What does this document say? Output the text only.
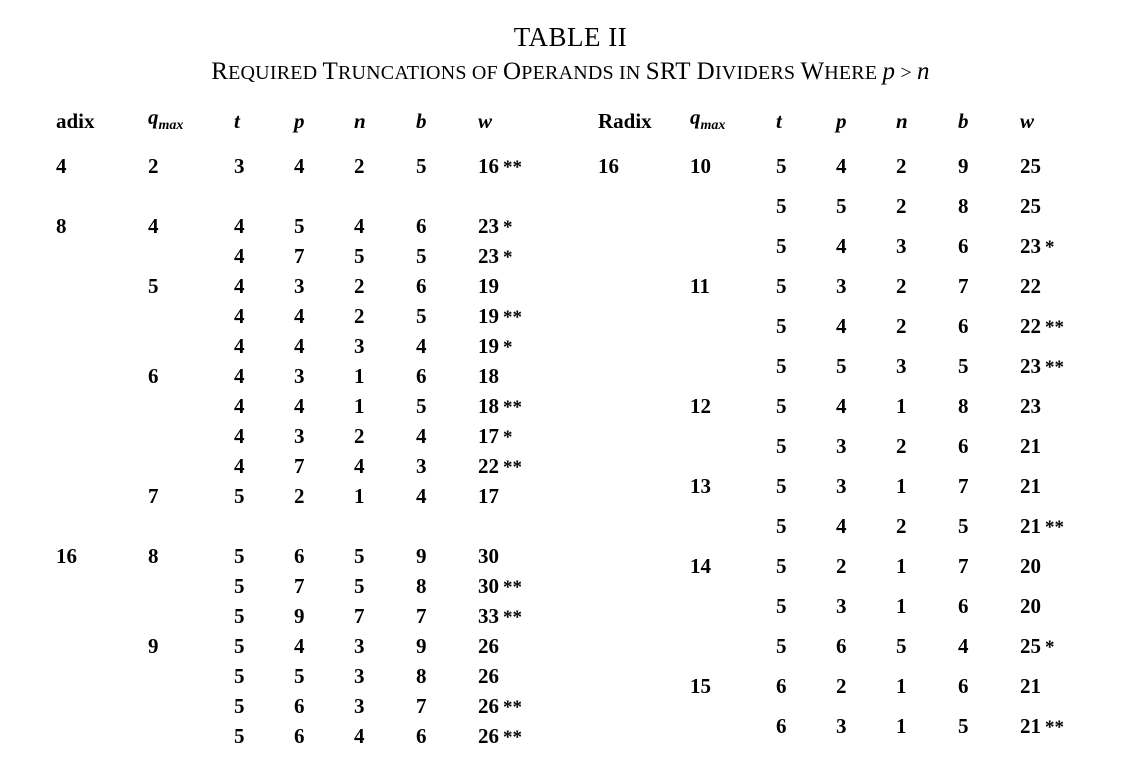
TABLE II
REQUIRED TRUNCATIONS OF OPERANDS IN SRT DIVIDERS WHERE p > n
adix	$q_{max}$	t	p	n	b	w
4	2	3	4	2	5	16 **

8	4	4	5	4	6	23 *
		4	7	5	5	23 *
	5	4	3	2	6	19
		4	4	2	5	19 **
		4	4	3	4	19 *
	6	4	3	1	6	18
		4	4	1	5	18 **
		4	3	2	4	17 *
		4	7	4	3	22 **
	7	5	2	1	4	17

16	8	5	6	5	9	30
		5	7	5	8	30 **
		5	9	7	7	33 **
	9	5	4	3	9	26
		5	5	3	8	26
		5	6	3	7	26 **
		5	6	4	6	26 **
Radix	$q_{max}$	t	p	n	b	w
16	10	5	4	2	9	25
		5	5	2	8	25
		5	4	3	6	23 *
	11	5	3	2	7	22
		5	4	2	6	22 **
		5	5	3	5	23 **
	12	5	4	1	8	23
		5	3	2	6	21
	13	5	3	1	7	21
		5	4	2	5	21 **
	14	5	2	1	7	20
		5	3	1	6	20
		5	6	5	4	25 *
	15	6	2	1	6	21
		6	3	1	5	21 **
